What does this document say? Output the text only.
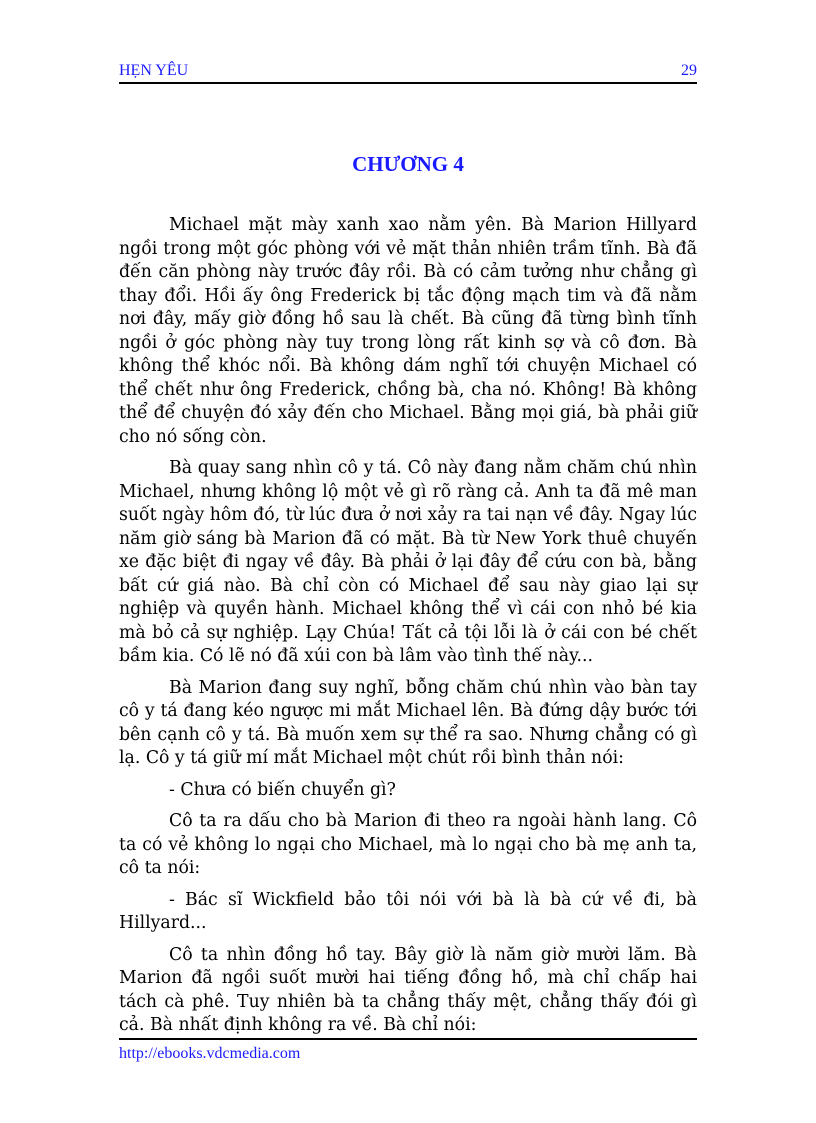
HẸN YÊU	29
CHƯƠNG 4

Michael mặt mày xanh xao nằm yên. Bà Marion Hillyard ngồi trong một góc phòng với vẻ mặt thản nhiên trầm tĩnh. Bà đã đến căn phòng này trước đây rồi. Bà có cảm tưởng như chẳng gì thay đổi. Hồi ấy ông Frederick bị tắc động mạch tim và đã nằm nơi đây, mấy giờ đồng hồ sau là chết. Bà cũng đã từng bình tĩnh ngồi ở góc phòng này tuy trong lòng rất kinh sợ và cô đơn. Bà không thể khóc nổi. Bà không dám nghĩ tới chuyện Michael có thể chết như ông Frederick, chồng bà, cha nó. Không! Bà không thể để chuyện đó xảy đến cho Michael. Bằng mọi giá, bà phải giữ cho nó sống còn.

Bà quay sang nhìn cô y tá. Cô này đang nằm chăm chú nhìn Michael, nhưng không lộ một vẻ gì rõ ràng cả. Anh ta đã mê man suốt ngày hôm đó, từ lúc đưa ở nơi xảy ra tai nạn về đây. Ngay lúc năm giờ sáng bà Marion đã có mặt. Bà từ New York thuê chuyến xe đặc biệt đi ngay về đây. Bà phải ở lại đây để cứu con bà, bằng bất cứ giá nào. Bà chỉ còn có Michael để sau này giao lại sự nghiệp và quyền hành. Michael không thể vì cái con nhỏ bé kia mà bỏ cả sự nghiệp. Lạy Chúa! Tất cả tội lỗi là ở cái con bé chết bầm kia. Có lẽ nó đã xúi con bà lâm vào tình thế này...

Bà Marion đang suy nghĩ, bỗng chăm chú nhìn vào bàn tay cô y tá đang kéo ngược mi mắt Michael lên. Bà đứng dậy bước tới bên cạnh cô y tá. Bà muốn xem sự thể ra sao. Nhưng chẳng có gì lạ. Cô y tá giữ mí mắt Michael một chút rồi bình thản nói:

- Chưa có biến chuyển gì?

Cô ta ra dấu cho bà Marion đi theo ra ngoài hành lang. Cô ta có vẻ không lo ngại cho Michael, mà lo ngại cho bà mẹ anh ta, cô ta nói:

- Bác sĩ Wickfield bảo tôi nói với bà là bà cứ về đi, bà Hillyard...

Cô ta nhìn đồng hồ tay. Bây giờ là năm giờ mười lăm. Bà Marion đã ngồi suốt mười hai tiếng đồng hồ, mà chỉ chấp hai tách cà phê. Tuy nhiên bà ta chẳng thấy mệt, chẳng thấy đói gì cả. Bà nhất định không ra về. Bà chỉ nói:

http://ebooks.vdcmedia.com
